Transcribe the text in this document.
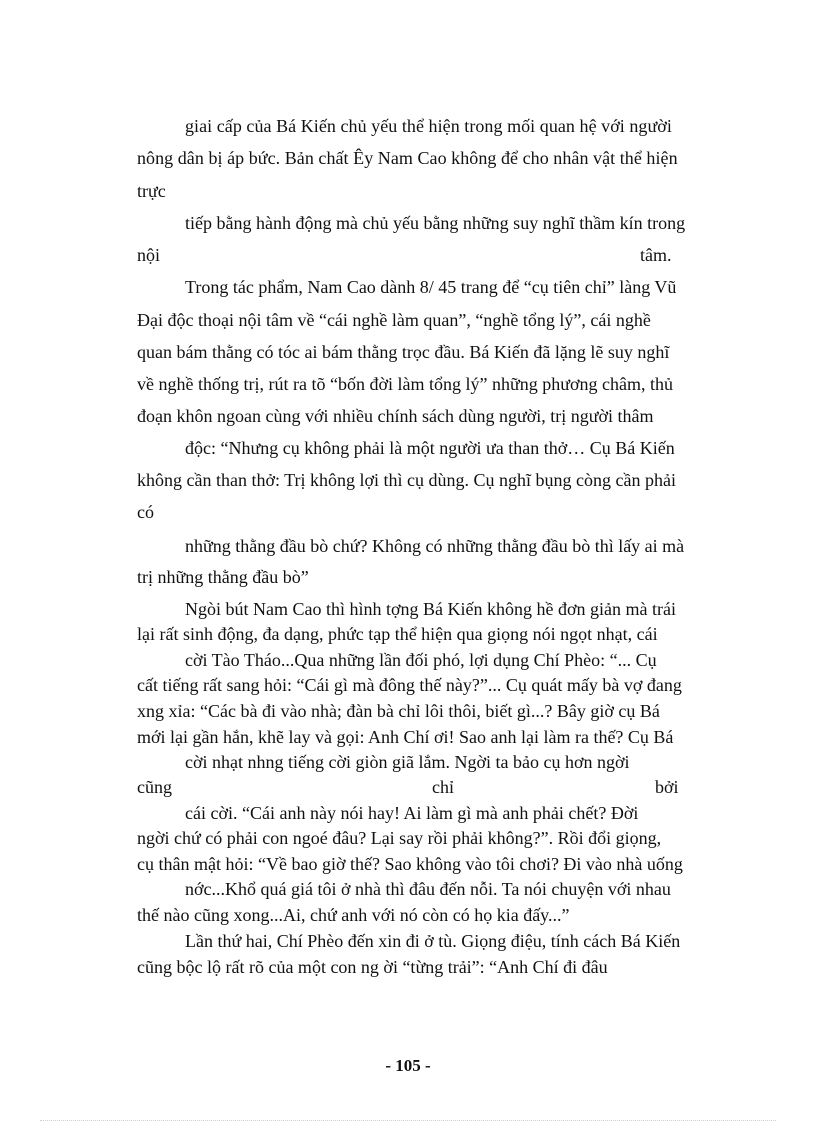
giai cấp của Bá Kiến chủ yếu thể hiện trong mối quan hệ với người
nông dân bị áp bức. Bản chất Êy Nam Cao không để cho nhân vật thể hiện
trực
tiếp bằng hành động mà chủ yếu bằng những suy nghĩ thầm kín trong
nội	tâm.
Trong tác phẩm, Nam Cao dành 8/ 45 trang để “cụ tiên chỉ” làng Vũ
Đại độc thoại nội tâm về “cái nghề làm quan”, “nghề tổng lý”, cái nghề
quan bám thằng có tóc ai bám thằng trọc đầu. Bá Kiến đã lặng lẽ suy nghĩ
về nghề thống trị, rút ra tõ “bốn đời làm tổng lý” những phương châm, thủ
đoạn khôn ngoan cùng với nhiều chính sách dùng người, trị người thâm
độc: “Nhưng cụ không phải là một người ưa than thở… Cụ Bá Kiến
không cần than thở: Trị không lợi thì cụ dùng. Cụ nghĩ bụng còng cần phải
có
những thằng đầu bò chứ? Không có những thằng đầu bò thì lấy ai mà
trị những thằng đầu bò”
Ngòi bút Nam Cao thì hình tợng Bá Kiến không hề đơn giản mà trái
lại rất sinh động, đa dạng, phức tạp thể hiện qua giọng nói ngọt nhạt, cái
cời Tào Tháo...Qua những lần đối phó, lợi dụng Chí Phèo: “... Cụ
cất tiếng rất sang hỏi: “Cái gì mà đông thế này?”... Cụ quát mấy bà vợ đang
xng xỉa: “Các bà đi vào nhà; đàn bà chỉ lôi thôi, biết gì...? Bây giờ cụ Bá
mới lại gần hắn, khẽ lay và gọi: Anh Chí ơi! Sao anh lại làm ra thế? Cụ Bá
cời nhạt nhng tiếng cời giòn giã lắm. Ngời ta bảo cụ hơn ngời
cũng	chỉ	bởi
cái cời. “Cái anh này nói hay! Ai làm gì mà anh phải chết? Đời
ngời chứ có phải con ngoé đâu? Lại say rồi phải không?”. Rồi đổi giọng,
cụ thân mật hỏi: “Về bao giờ thế? Sao không vào tôi chơi? Đi vào nhà uống
nớc...Khổ quá giá tôi ở nhà thì đâu đến nỗi. Ta nói chuyện với nhau
thế nào cũng xong...Ai, chứ anh với nó còn có họ kia đấy...”
Lần thứ hai, Chí Phèo đến xin đi ở tù. Giọng điệu, tính cách Bá Kiến
cũng bộc lộ rất rõ của một con ng ời “từng trải”: “Anh Chí đi đâu
- 105 -
